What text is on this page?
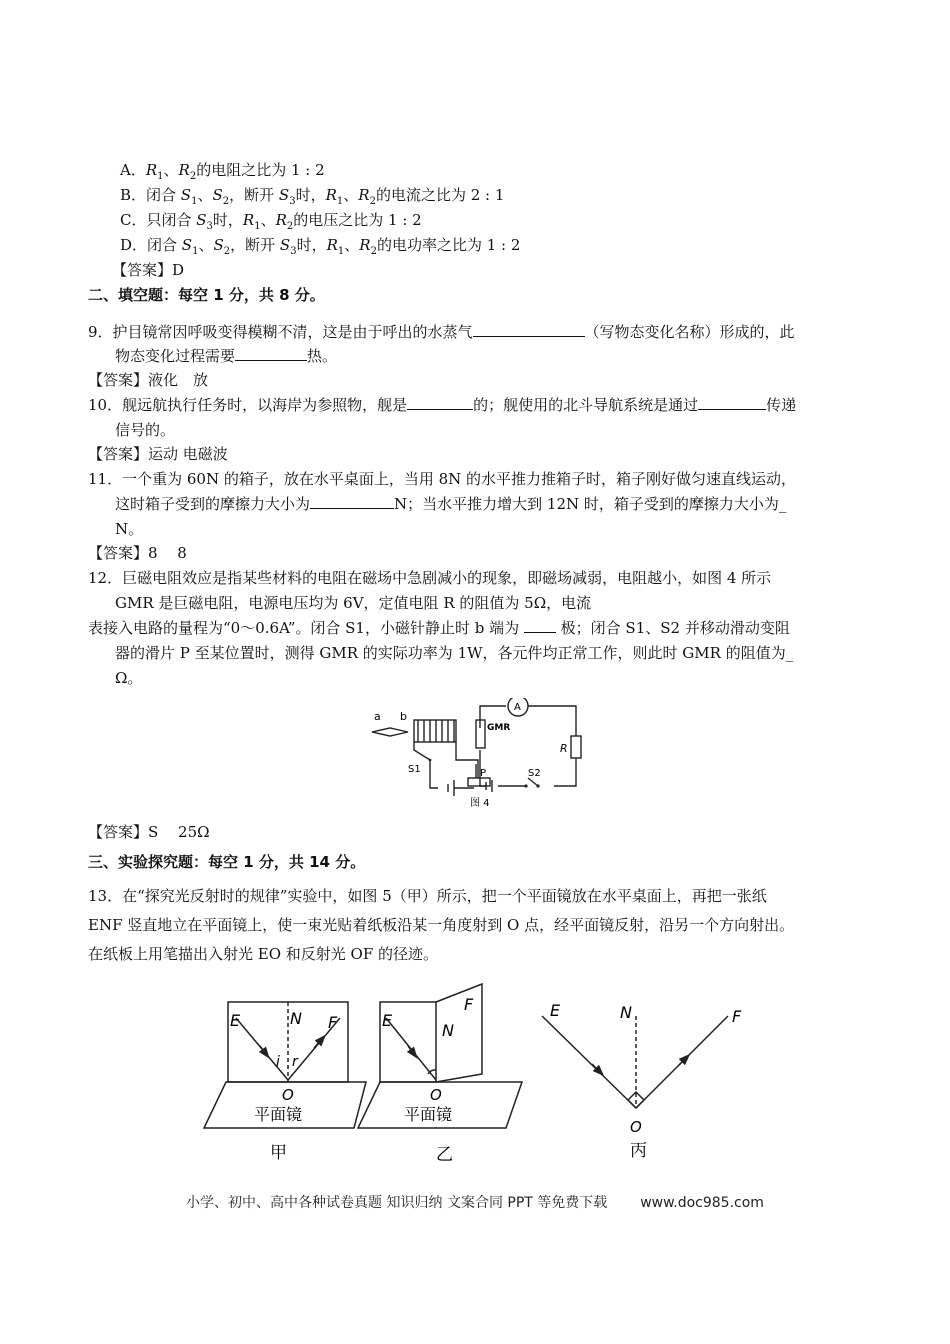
A．$R_1$、$R_2$的电阻之比为 1 : 2
B．闭合 $S_1$、$S_2$，断开 $S_3$时，$R_1$、$R_2$的电流之比为 2 : 1
C．只闭合 $S_3$时，$R_1$、$R_2$的电压之比为 1 : 2
D．闭合 $S_1$、$S_2$，断开 $S_3$时，$R_1$、$R_2$的电功率之比为 1 : 2
【答案】D
二、填空题：每空 1 分，共 8 分。
9．护目镜常因呼吸变得模糊不清，这是由于呼出的水蒸气	（写物态变化名称）形成的，此
物态变化过程需要	热。
【答案】液化　放
10．舰远航执行任务时，以海岸为参照物，舰是	的；舰使用的北斗导航系统是通过	传递
信号的。
【答案】运动 电磁波
11．一个重为 60N 的箱子，放在水平桌面上，当用 8N 的水平推力推箱子时，箱子刚好做匀速直线运动，
这时箱子受到的摩擦力大小为	N；当水平推力增大到 12N 时，箱子受到的摩擦力大小为_
N。
【答案】8　 8
12．巨磁电阻效应是指某些材料的电阻在磁场中急剧减小的现象，即磁场减弱，电阻越小，如图 4 所示
GMR 是巨磁电阻，电源电压均为 6V，定值电阻 R 的阻值为 5Ω，电流
表接入电路的量程为“0～0.6A”。闭合 S1，小磁针静止时 b 端为	极；闭合 S1、S2 并移动滑动变阻
器的滑片 P 至某位置时，测得 GMR 的实际功率为 1W，各元件均正常工作，则此时 GMR 的阻值为_
Ω。
a b
GMR
A
R
S1	P	S2
图 4
【答案】S　 25Ω
三、实验探究题：每空 1 分，共 14 分。
13．在“探究光反射时的规律”实验中，如图 5（甲）所示，把一个平面镜放在水平桌面上，再把一张纸
ENF 竖直地立在平面镜上，使一束光贴着纸板沿某一角度射到 O 点，经平面镜反射，沿另一个方向射出。
在纸板上用笔描出入射光 EO 和反射光 OF 的径迹。
E	N F
i r
O
平面镜
甲
E
N
F
O
平面镜
乙
E	N	F
O
丙
小学、初中、高中各种试卷真题 知识归纳 文案合同 PPT 等免费下载 www.doc985.com
